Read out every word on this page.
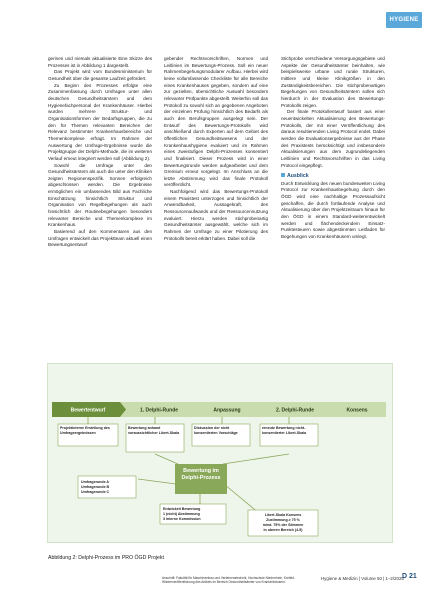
HYGIENE

gerinen und niemals aktualisierte Eine Skizze des Prozesses ist in Abbildung 1 dargestellt.

Das Projekt wird vom Bundesministerium für Gesundheit über die gesamte Laufzeit gefördert.

Zu Beginn des Prozesses erfolgte eine Zusammenfassung durch Umfragen unter allen deutschen Gesundheitsämtern und dem Hygienefachpersonal der Krankenhäuser. Hierbei wurden mehrere Struktur- und Organisationsformen der Bedarfsgruppen, die zu den für Themen relevanten Bereichen der Relevanz bestimmter Krankenhausbereiche und Themenkomplexe erfragt. Im Rahmen der Auswertung der Umfrage-Ergebnisse wurde die Projektgruppe der Delphi-Methode, die im weiteren Verlauf erneut integriert werden soll (Abbildung 2).

Sowohl die Umfrage unter den Gesundheitsämtern als auch die unter den Kliniken zeigten Regionenspezifik. Sonnen erfolgreich abgeschlossen werden. Die Ergebnisse ermöglichen ein umfassendes Bild aus Fachliche Einschätzung hinsichtlich Struktur und Organisation von Regelbegehungen als auch hinsichtlich der Routinebegehungen besonders relevanter Bereiche und Themenkomplexe im Krankenhaus.

Basierend auf den Kommentaren aus den Umfragen entwickelt das Projektteam aktuell einen Bewertungsentwurf

gebender Rechtsvorschriften, Normen und Leitlinien im Bewertungs-Prozess. Soll ein neuer Rahmenbegehungsmodularer Aufbau. Hierbei wird keine vollumfassende Checkliste für alle Bereiche eines Krankenhauses gegeben, sondern auf eine zur gezielten, übersichtliche Auswahl besonders relevanter Prüfpunkte abgestellt. Weiterhin soll das Protokoll zu sowohl sich an gegebenen Angeboten der einzelnen Prüfung hinsichtlich des Bedarfs als auch den Berufsgruppen ausgelegt sein. Der Entwurf des Bewertungs-Protokolls wird anschließend durch Experten auf dem Gebiet des öffentlichen Gesundheitswesens und der Krankenhaushygiene evaluiert und im Rahmen eines zweistufigen Delphi-Prozesses konsentiert und finalisiert. Dieser Prozess wird in einer Bewertungsrunde werden aufgearbeitet und dem Gremium erneut vorgelegt. Im Anschluss an die letzte Abstimmung wird das finale Protokoll veröffentlicht.

Nachfolgend wird das Bewertungs-Protokoll einem Praxistest unterzogen und hinsichtlich der Anwendbarkeit, Aussagekraft, des Ressourcenaufwands und der Ressourcennutzung evaluiert. Hierzu werden stichprobenartig Gesundheitsämter ausgewählt, welche sich im Rahmen der Umfrage zu einer Pilotierung des Protokolls bereit erklärt haben. Dabei soll die

Stichprobe verschiedene Versorgungsgebiete und Aspekte der Gesundheitsämter beinhalten, wie beispielsweise urbane und rurale Strukturen, mittlere und kleine Klinikgrößen in den Zuständigkeitsbereichen. Die stichprobenartigen Begehungen von Gesundheitsämtern sollen sich hierdurch in der Evaluation des Bewertungs-Protokolls zeigen.

Der finale Protokollentwurf basiert aus einer neuentwickelten Aktualisierung des Bewertungs-Protokolls, der mit einer Veröffentlichung des daraus resultierenden Living Protocol endet. Dabei werden die Evaluationsergebnisse aus der Phase des Praxistests berücksichtigt und insbesondere Aktualisierungen aus dem zugrundeliegenden Leitlinien und Rechtsvorschriften in das Living Protocol eingepflegt.

Ausblick

Durch Entwicklung des neuen bundesweiten Living Protocol zur Krankenhausbegehung durch den ÖGD wird eine nachhaltige Prozessaufsicht geschaffen, die durch fortlaufende Analyse und Aktualisierung über den Projektzeitraum hinaus für den ÖGD in einem Standard-weiterentwickelt werden und flächendeckendem Einsatz-Punktesteuern sowie abgestimmten Leitfaden für Begehungen von Krankenhäusern umlegt.

Bewertentwurf	1. Delphi-Runde	Anpassung	2. Delphi-Runde	Konsens
Projektinterne Erstellung des Umfrageergebnissen
Bewertung anhand voraussichtlicher Likert-Skala
Diskussion der nicht konsentierten Vorschläge
erneute Bewertung nicht-konsentierter Likert-Skala
Bewertung im Delphi-Prozess
Umfragerunde A
Umfragerunde B
Umfragerunde C
Entwickelt Bewertung
1 (nicht) Abstimmung
3 interne Kommission
Likert-Skala Konsens
Zustimmung ≥ 75 %
mind. 75% der Stimmen
in oberen Bereich (4-5)
Abbildung 2: Delphi-Prozess im PRO ÖGD Projekt
Anschrift: Fakultät für Maschinenbau und Verfahrenstechnik, Hochschule Niederrhein, Krefeld. Wiederveröffentlichung des Artikels im Bereich Gesundheitsämter von Krankenhäusern.
Hygiene & Medizin | Volume 50 | 1–2/2025
D 21
